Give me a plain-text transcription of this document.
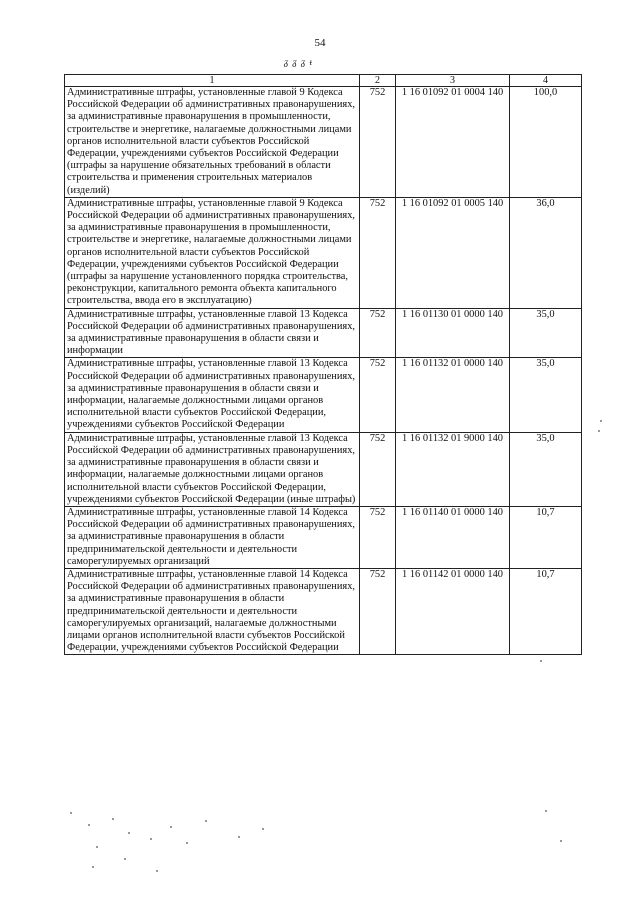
54
ᵹ ᵹ ᵹ ᵼ
1	2	3	4
Административные штрафы, установленные главой 9 Кодекса Российской Федерации об административных правонарушениях, за административные правонарушения в промышленности, строительстве и энергетике, налагаемые должностными лицами органов исполнительной власти субъектов Российской Федерации, учреждениями субъектов Российской Федерации (штрафы за нарушение обязательных требований в области строительства и применения строительных материалов (изделий)	752	1 16 01092 01 0004 140	100,0
Административные штрафы, установленные главой 9 Кодекса Российской Федерации об административных правонарушениях, за административные правонарушения в промышленности, строительстве и энергетике, налагаемые должностными лицами органов исполнительной власти субъектов Российской Федерации, учреждениями субъектов Российской Федерации (штрафы за нарушение установленного порядка строительства, реконструкции, капитального ремонта объекта капитального строительства, ввода его в эксплуатацию)	752	1 16 01092 01 0005 140	36,0
Административные штрафы, установленные главой 13 Кодекса Российской Федерации об административных правонарушениях, за административные правонарушения в области связи и информации	752	1 16 01130 01 0000 140	35,0
Административные штрафы, установленные главой 13 Кодекса Российской Федерации об административных правонарушениях, за административные правонарушения в области связи и информации, налагаемые должностными лицами органов исполнительной власти субъектов Российской Федерации, учреждениями субъектов Российской Федерации	752	1 16 01132 01 0000 140	35,0
Административные штрафы, установленные главой 13 Кодекса Российской Федерации об административных правонарушениях, за административные правонарушения в области связи и информации, налагаемые должностными лицами органов исполнительной власти субъектов Российской Федерации, учреждениями субъектов Российской Федерации (иные штрафы)	752	1 16 01132 01 9000 140	35,0
Административные штрафы, установленные главой 14 Кодекса Российской Федерации об административных правонарушениях, за административные правонарушения в области предпринимательской деятельности и деятельности саморегулируемых организаций	752	1 16 01140 01 0000 140	10,7
Административные штрафы, установленные главой 14 Кодекса Российской Федерации об административных правонарушениях, за административные правонарушения в области предпринимательской деятельности и деятельности саморегулируемых организаций, налагаемые должностными лицами органов исполнительной власти субъектов Российской Федерации, учреждениями субъектов Российской Федерации	752	1 16 01142 01 0000 140	10,7
